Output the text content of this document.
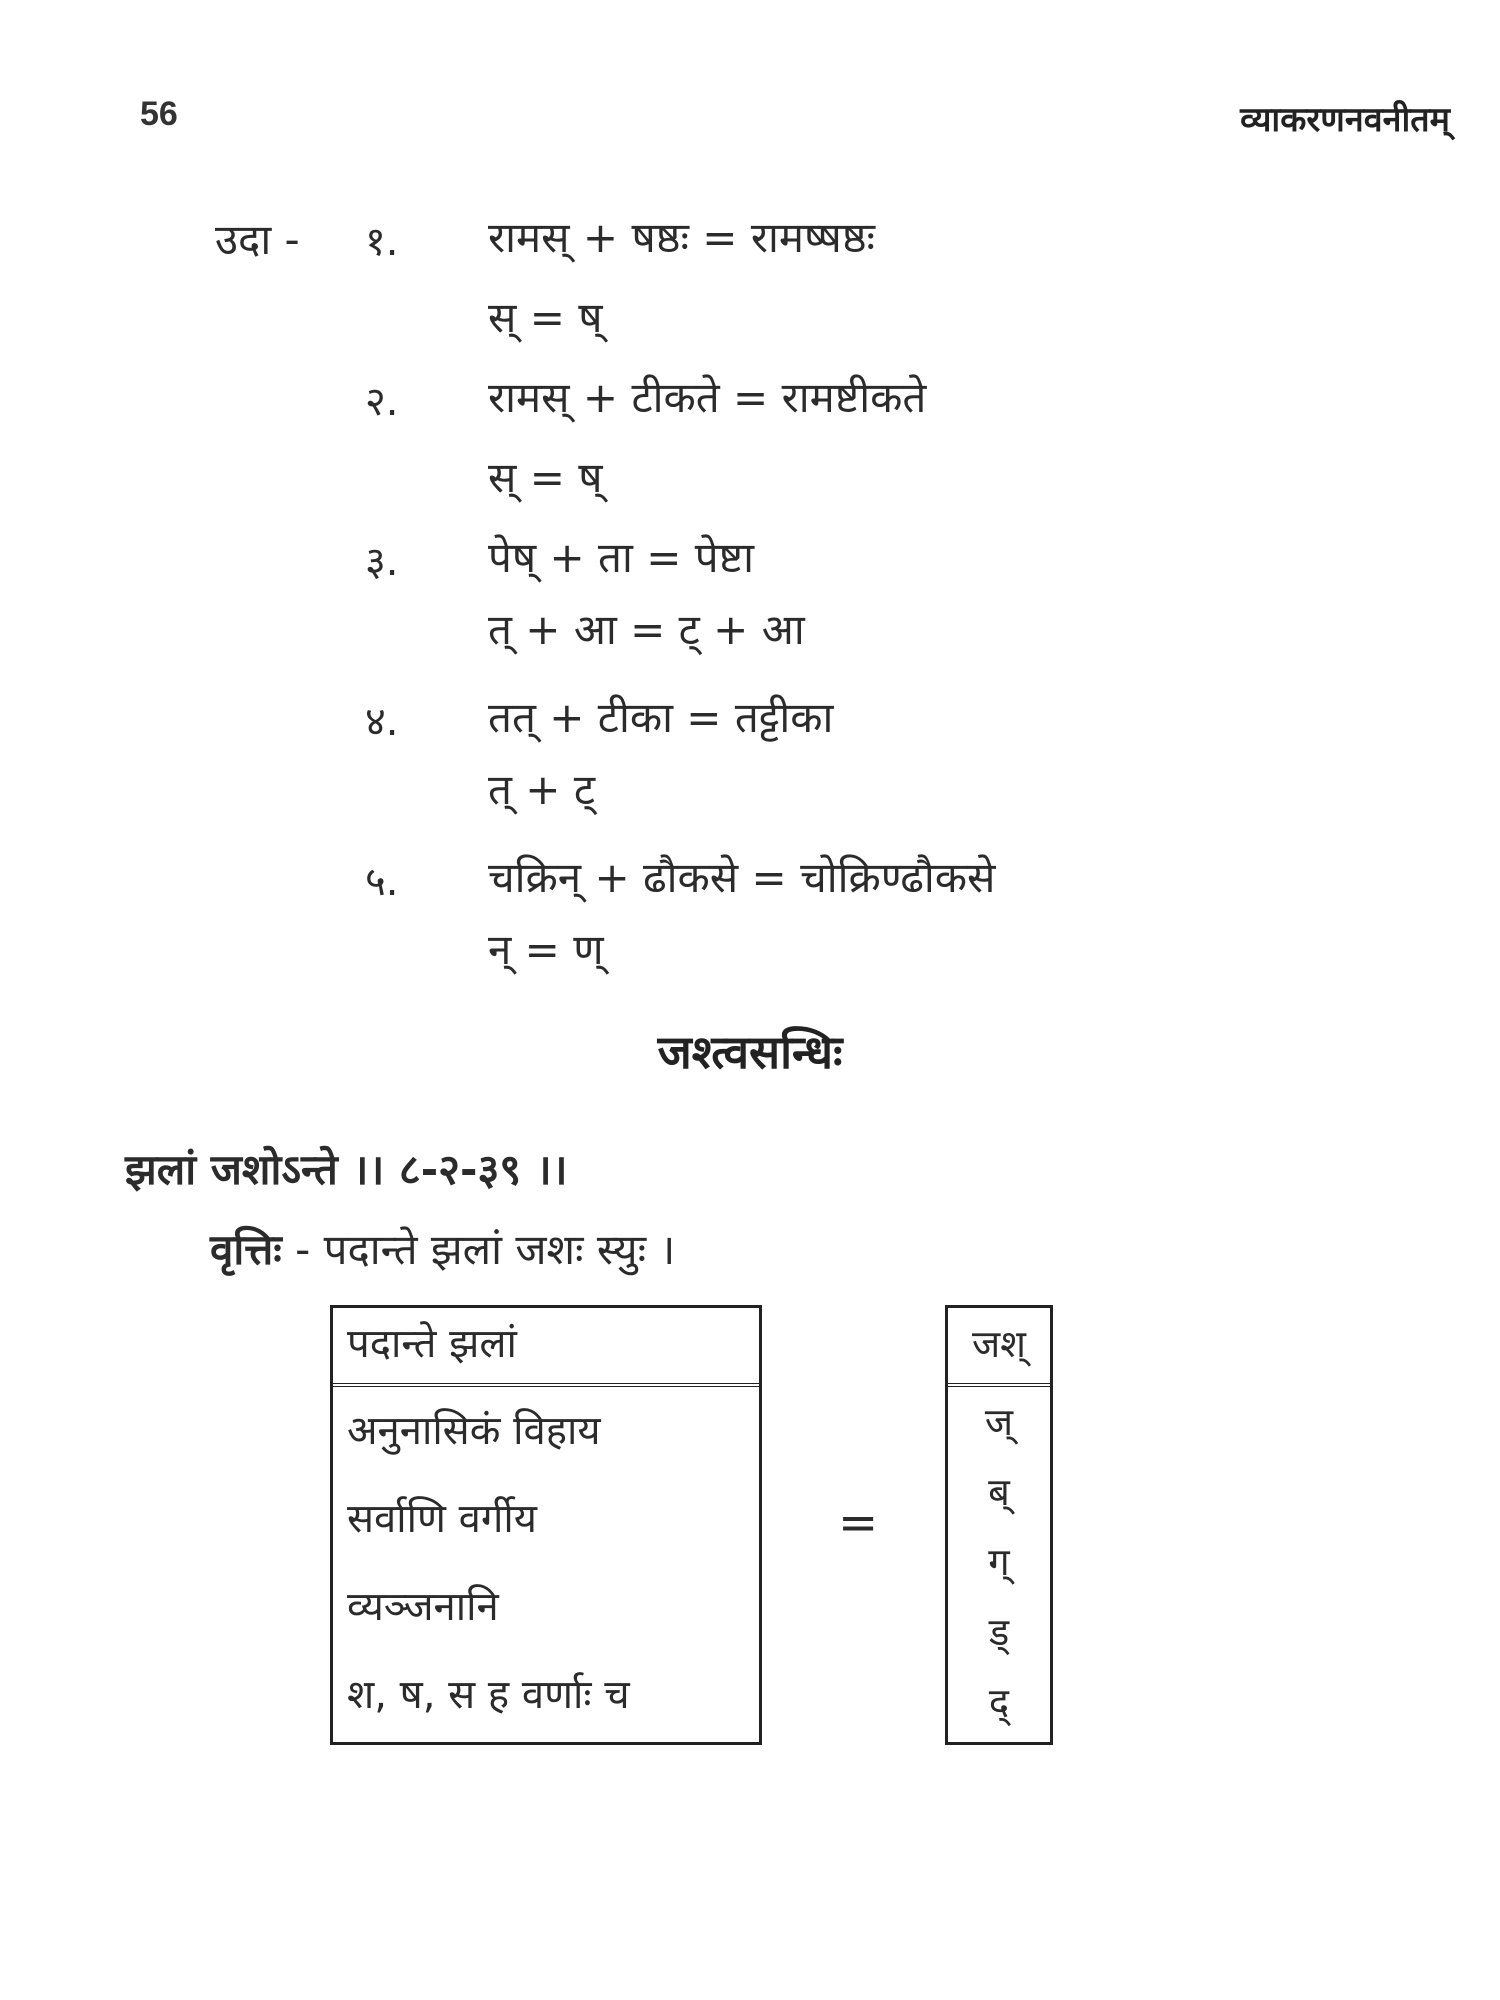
56	व्याकरणनवनीतम्
उदा - १. रामस् + षष्ठः = रामष्षष्ठः
स् = ष्
२. रामस् + टीकते = रामष्टीकते
स् = ष्
३. पेष् + ता = पेष्टा
त् + आ = ट् + आ
४. तत् + टीका = तट्टीका
त् + ट्
५. चक्रिन् + ढौकसे = चोक्रिण्ढौकसे
न् = ण्
जश्त्वसन्धिः
झलां जशोऽन्ते ।। ८-२-३९ ।।
वृत्तिः - पदान्ते झलां जशः स्युः ।
पदान्ते झलां
अनुनासिकं विहाय
सर्वाणि वर्गीय
व्यञ्जनानि
श, ष, स ह वर्णाः च
=
जश्
ज्
ब्
ग्
ड्
द्
